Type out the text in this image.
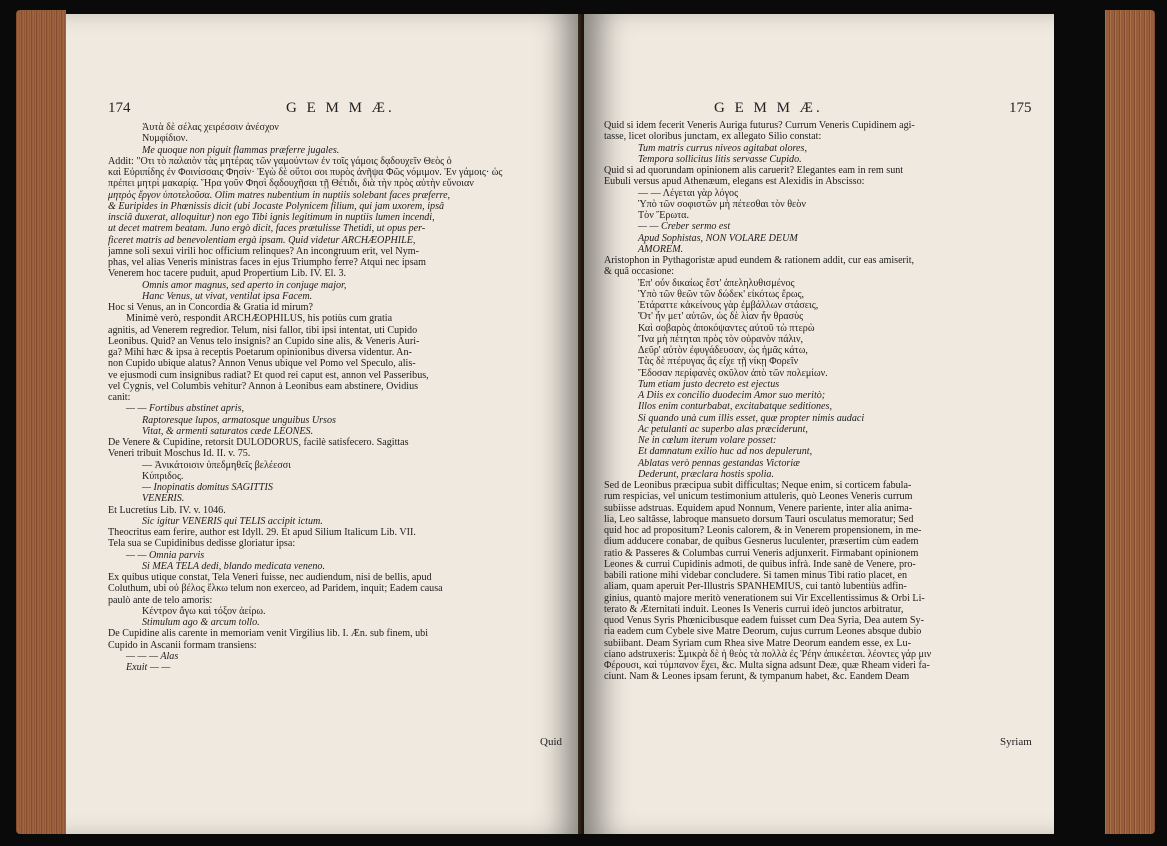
174	G E M M Æ.
Ἀυτὰ δὲ σέλας χειρέσσιν ἀνέσχον
Νυμφίδιον.
Me quoque non piguit flammas præferre jugales.
Addit: "Οτι τὸ παλαιὸν τὰς μητέρας τῶν γαμούντων ἐν τοῖς γάμοις δᾳδουχεῖν Θεὸς ὁ
καὶ Εὐριπίδης ἐν Φοινίσσαις Φησίν· Ἐγὼ δὲ οὔτοι σοι πυρὸς ἀνῆψα Φῶς νόμιμον. Ἐν γάμοις· ὡς
πρέπει μητρὶ μακαρίᾳ. Ἥρα γοῦν Φησὶ δᾳδουχῆσαι τῇ Θέτιδι, διὰ τὴν πρὸς αὐτὴν εὔνοιαν
μητρὸς ἔργον ὑποτελοῦσα. Olim matres nubentium in nuptiis solebant faces præferre,
& Euripides in Phœnissis dicit (ubi Jocaste Polynicem filium, qui jam uxorem, ipsâ
insciâ duxerat, alloquitur) non ego Tibi ignis legitimum in nuptiis lumen incendi,
ut decet matrem beatam. Juno ergò dicit, faces prætulisse Thetidi, ut opus per-
ficeret matris ad benevolentiam ergà ipsam. Quid videtur ARCHÆOPHILE,
jamne soli sexui virili hoc officium relinques? An incongruum erit, vel Nym-
phas, vel alias Veneris ministras faces in ejus Triumpho ferre? Atqui nec ipsam
Venerem hoc tacere puduit, apud Propertium Lib. IV. El. 3.
Omnis amor magnus, sed aperto in conjuge major,
Hanc Venus, ut vivat, ventilat ipsa Facem.
Hoc si Venus, an in Concordia & Gratia id mirum?
Minimè verò, respondit ARCHÆOPHILUS, his potiùs cum gratia
agnitis, ad Venerem regredior. Telum, nisi fallor, tibi ipsi intentat, uti Cupido
Leonibus. Quid? an Venus telo insignis? an Cupido sine alis, & Veneris Auri-
ga? Mihi hæc & ipsa à receptis Poetarum opinionibus diversa videntur. An-
non Cupido ubique alatus? Annon Venus ubique vel Pomo vel Speculo, alis-
ve ejusmodi cum insignibus radiat? Et quod rei caput est, annon vel Passeribus,
vel Cygnis, vel Columbis vehitur? Annon à Leonibus eam abstinere, Ovidius
canit:
— — Fortibus abstinet apris,
Raptoresque lupos, armatosque unguibus Ursos
Vitat, & armenti saturatos cæde LEONES.
De Venere & Cupidine, retorsit DULODORUS, facilè satisfecero. Sagittas
Veneri tribuit Moschus Id. II. v. 75.
— Ἀνικάτοισιν ὑπεδμηθεῖς βελέεσσι
Κύπριδος.
— Inopinatis domitus SAGITTIS
VENERIS.
Et Lucretius Lib. IV. v. 1046.
Sic igitur VENERIS qui TELIS accipit ictum.
Theocritus eam ferire, author est Idyll. 29. Et apud Silium Italicum Lib. VII.
Tela sua se Cupidinibus dedisse gloriatur ipsa:
— — Omnia parvis
Si MEA TELA dedi, blando medicata veneno.
Ex quibus utique constat, Tela Veneri fuisse, nec audiendum, nisi de bellis, apud
Coluthum, ubi οὐ βέλος ἔλκω telum non exerceo, ad Paridem, inquit; Eadem causa
paulò ante de telo amoris:
Κέντρον ἄγω καὶ τόξον ἀείρω.
Stimulum ago & arcum tollo.
De Cupidine alis carente in memoriam venit Virgilius lib. I. Æn. sub finem, ubi
Cupido in Ascanii formam transiens:
— — — Alas
Exuit — —
Quid
G E M M Æ.	175
Quid si idem fecerit Veneris Auriga futurus? Currum Veneris Cupidinem agi-
tasse, licet oloribus junctam, ex allegato Silio constat:
Tum matris currus niveos agitabat olores,
Tempora sollicitus litis servasse Cupido.
Quid si ad quorundam opinionem alis caruerit? Elegantes eam in rem sunt
Eubuli versus apud Athenæum, elegans est Alexidis in Abscisso:
— — Λέγεται γὰρ λόγος
Ὑπὸ τῶν σοφιστῶν μὴ πέτεσθαι τὸν θεὸν
Τὸν Ἔρωτα.
— — Creber sermo est
Apud Sophistas, NON VOLARE DEUM
AMOREM.
Aristophon in Pythagoristæ apud eundem & rationem addit, cur eas amiserit,
& quâ occasione:
Ἐπ' οὖν δικαίως ἔστ' ἀπεληλυθισμένος
Ὑπὸ τῶν θεῶν τῶν δώδεκ' εἰκότως ἔρως,
Ἐτάραττε κἀκείνους γὰρ ἐμβάλλων στάσεις,
Ὅτ' ἦν μετ' αὐτῶν, ὡς δὲ λίαν ἦν θρασὺς
Καὶ σοβαρὸς ἀποκόψαντες αὐτοῦ τὼ πτερὼ
Ἵνα μὴ πέτηται πρὸς τὸν οὐρανὸν πάλιν,
Δεῦρ' αὐτὸν ἐφυγάδευσαν, ὡς ἡμᾶς κάτω,
Τὰς δὲ πτέρυγας ἃς εἶχε τῇ νίκῃ Φορεῖν
Ἔδοσαν περίφανὲς σκῦλον ἀπὸ τῶν πολεμίων.
Tum etiam justo decreto est ejectus
A Diis ex concilio duodecim Amor suo meritò;
Illos enim conturbabat, excitabatque seditiones,
Si quando unà cum illis esset, quæ propter nimis audaci
Ac petulanti ac superbo alas præciderunt,
Ne in cœlum iterum volare posset:
Et damnatum exilio huc ad nos depulerunt,
Ablatas verò pennas gestandas Victoriæ
Dederunt, præclara hostis spolia.
Sed de Leonibus præcipua subit difficultas; Neque enim, si corticem fabula-
rum respicias, vel unicum testimonium attuleris, quò Leones Veneris currum
subiisse adstruas. Equidem apud Nonnum, Venere pariente, inter alia anima-
lia, Leo saltâsse, labroque mansueto dorsum Tauri osculatus memoratur; Sed
quid hoc ad propositum? Leonis calorem, & in Venerem propensionem, in me-
dium adducere conabar, de quibus Gesnerus luculenter, præsertim cùm eadem
ratio & Passeres & Columbas currui Veneris adjunxerit. Firmabant opinionem
Leones & currui Cupidinis admoti, de quibus infrà. Inde sanè de Venere, pro-
babili ratione mihi videbar concludere. Si tamen minus Tibi ratio placet, en
aliam, quam aperuit Per-Illustris SPANHEMIUS, cui tantò lubentiùs adfin-
ginius, quantò majore meritò venerationem sui Vir Excellentissimus & Orbi Li-
terato & Æternitati induit. Leones Is Veneris currui ideò junctos arbitratur,
quod Venus Syris Phœnicibusque eadem fuisset cum Dea Syria, Dea autem Sy-
ria eadem cum Cybele sive Matre Deorum, cujus currum Leones absque dubio
subiibant. Deam Syriam cum Rhea sive Matre Deorum eandem esse, ex Lu-
ciano adstruxeris: Σμικρὰ δὲ ἡ θεὸς τὰ πολλὰ ἐς Ῥέην ἀπικέεται. λέοντες γάρ μιν
Φέρουσι, καὶ τύμπανον ἔχει, &c. Multa signa adsunt Deæ, quæ Rheam videri fa-
ciunt. Nam & Leones ipsam ferunt, & tympanum habet, &c. Eandem Deam
Syriam
